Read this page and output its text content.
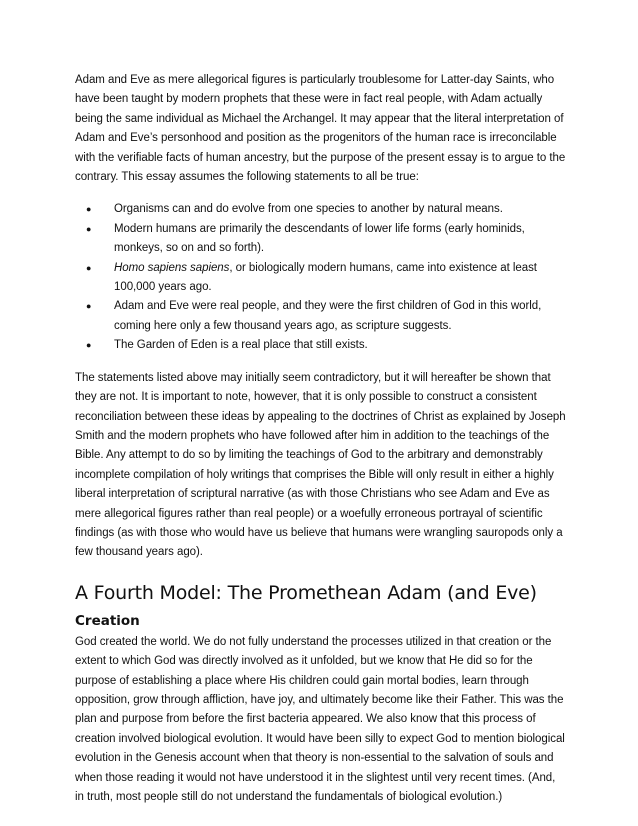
Adam and Eve as mere allegorical figures is particularly troublesome for Latter-day Saints, who have been taught by modern prophets that these were in fact real people, with Adam actually being the same individual as Michael the Archangel. It may appear that the literal interpretation of Adam and Eve’s personhood and position as the progenitors of the human race is irreconcilable with the verifiable facts of human ancestry, but the purpose of the present essay is to argue to the contrary. This essay assumes the following statements to all be true:

● Organisms can and do evolve from one species to another by natural means.
● Modern humans are primarily the descendants of lower life forms (early hominids, monkeys, so on and so forth).
● Homo sapiens sapiens, or biologically modern humans, came into existence at least 100,000 years ago.
● Adam and Eve were real people, and they were the first children of God in this world, coming here only a few thousand years ago, as scripture suggests.
● The Garden of Eden is a real place that still exists.

The statements listed above may initially seem contradictory, but it will hereafter be shown that they are not. It is important to note, however, that it is only possible to construct a consistent reconciliation between these ideas by appealing to the doctrines of Christ as explained by Joseph Smith and the modern prophets who have followed after him in addition to the teachings of the Bible. Any attempt to do so by limiting the teachings of God to the arbitrary and demonstrably incomplete compilation of holy writings that comprises the Bible will only result in either a highly liberal interpretation of scriptural narrative (as with those Christians who see Adam and Eve as mere allegorical figures rather than real people) or a woefully erroneous portrayal of scientific findings (as with those who would have us believe that humans were wrangling sauropods only a few thousand years ago).

A Fourth Model: The Promethean Adam (and Eve)
Creation

God created the world. We do not fully understand the processes utilized in that creation or the extent to which God was directly involved as it unfolded, but we know that He did so for the purpose of establishing a place where His children could gain mortal bodies, learn through opposition, grow through affliction, have joy, and ultimately become like their Father. This was the plan and purpose from before the first bacteria appeared. We also know that this process of creation involved biological evolution. It would have been silly to expect God to mention biological evolution in the Genesis account when that theory is non-essential to the salvation of souls and when those reading it would not have understood it in the slightest until very recent times. (And, in truth, most people still do not understand the fundamentals of biological evolution.)
